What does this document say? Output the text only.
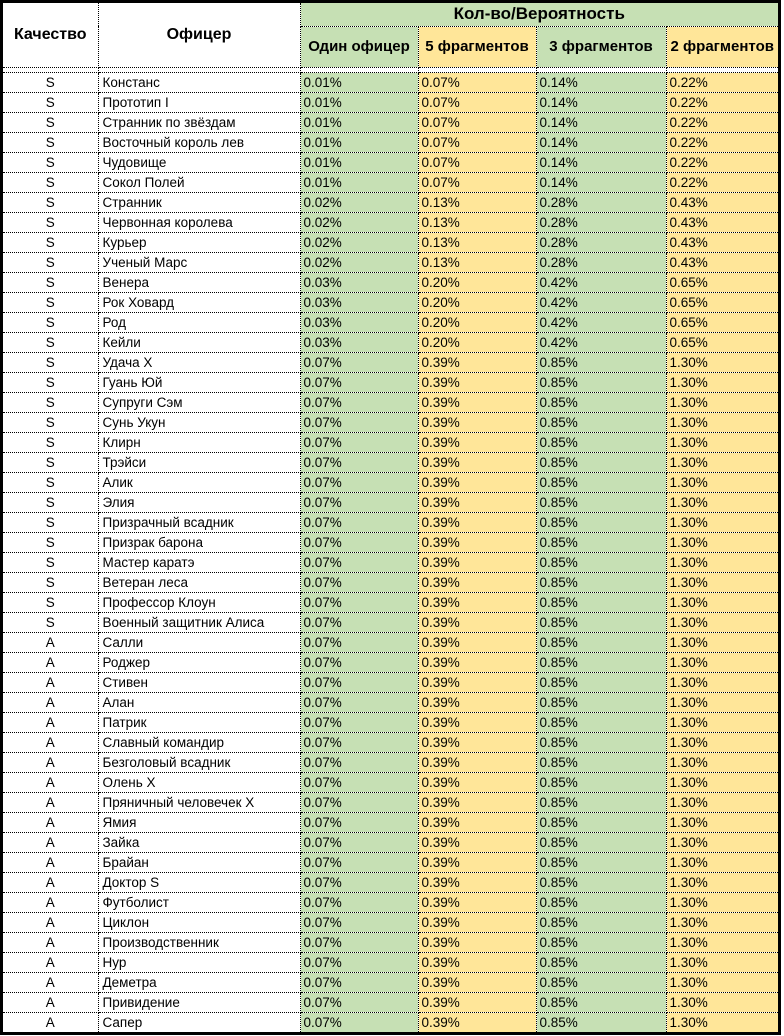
Качество	Офицер	Кол-во/Вероятность			
		Один офицер	5 фрагментов	3 фрагментов	2 фрагментов

S	Констанс	0.01%	0.07%	0.14%	0.22%
S	Прототип I	0.01%	0.07%	0.14%	0.22%
S	Странник по звёздам	0.01%	0.07%	0.14%	0.22%
S	Восточный король лев	0.01%	0.07%	0.14%	0.22%
S	Чудовище	0.01%	0.07%	0.14%	0.22%
S	Сокол Полей	0.01%	0.07%	0.14%	0.22%
S	Странник	0.02%	0.13%	0.28%	0.43%
S	Червонная королева	0.02%	0.13%	0.28%	0.43%
S	Курьер	0.02%	0.13%	0.28%	0.43%
S	Ученый Марс	0.02%	0.13%	0.28%	0.43%
S	Венера	0.03%	0.20%	0.42%	0.65%
S	Рок Ховард	0.03%	0.20%	0.42%	0.65%
S	Род	0.03%	0.20%	0.42%	0.65%
S	Кейли	0.03%	0.20%	0.42%	0.65%
S	Удача X	0.07%	0.39%	0.85%	1.30%
S	Гуань Юй	0.07%	0.39%	0.85%	1.30%
S	Супруги Сэм	0.07%	0.39%	0.85%	1.30%
S	Сунь Укун	0.07%	0.39%	0.85%	1.30%
S	Клирн	0.07%	0.39%	0.85%	1.30%
S	Трэйси	0.07%	0.39%	0.85%	1.30%
S	Алик	0.07%	0.39%	0.85%	1.30%
S	Элия	0.07%	0.39%	0.85%	1.30%
S	Призрачный всадник	0.07%	0.39%	0.85%	1.30%
S	Призрак барона	0.07%	0.39%	0.85%	1.30%
S	Мастер каратэ	0.07%	0.39%	0.85%	1.30%
S	Ветеран леса	0.07%	0.39%	0.85%	1.30%
S	Профессор Клоун	0.07%	0.39%	0.85%	1.30%
S	Военный защитник Алиса	0.07%	0.39%	0.85%	1.30%
A	Салли	0.07%	0.39%	0.85%	1.30%
A	Роджер	0.07%	0.39%	0.85%	1.30%
A	Стивен	0.07%	0.39%	0.85%	1.30%
A	Алан	0.07%	0.39%	0.85%	1.30%
A	Патрик	0.07%	0.39%	0.85%	1.30%
A	Славный командир	0.07%	0.39%	0.85%	1.30%
A	Безголовый всадник	0.07%	0.39%	0.85%	1.30%
A	Олень X	0.07%	0.39%	0.85%	1.30%
A	Пряничный человечек X	0.07%	0.39%	0.85%	1.30%
A	Ямия	0.07%	0.39%	0.85%	1.30%
A	Зайка	0.07%	0.39%	0.85%	1.30%
A	Брайан	0.07%	0.39%	0.85%	1.30%
A	Доктор S	0.07%	0.39%	0.85%	1.30%
A	Футболист	0.07%	0.39%	0.85%	1.30%
A	Циклон	0.07%	0.39%	0.85%	1.30%
A	Производственник	0.07%	0.39%	0.85%	1.30%
A	Нур	0.07%	0.39%	0.85%	1.30%
A	Деметра	0.07%	0.39%	0.85%	1.30%
A	Привидение	0.07%	0.39%	0.85%	1.30%
A	Сапер	0.07%	0.39%	0.85%	1.30%
